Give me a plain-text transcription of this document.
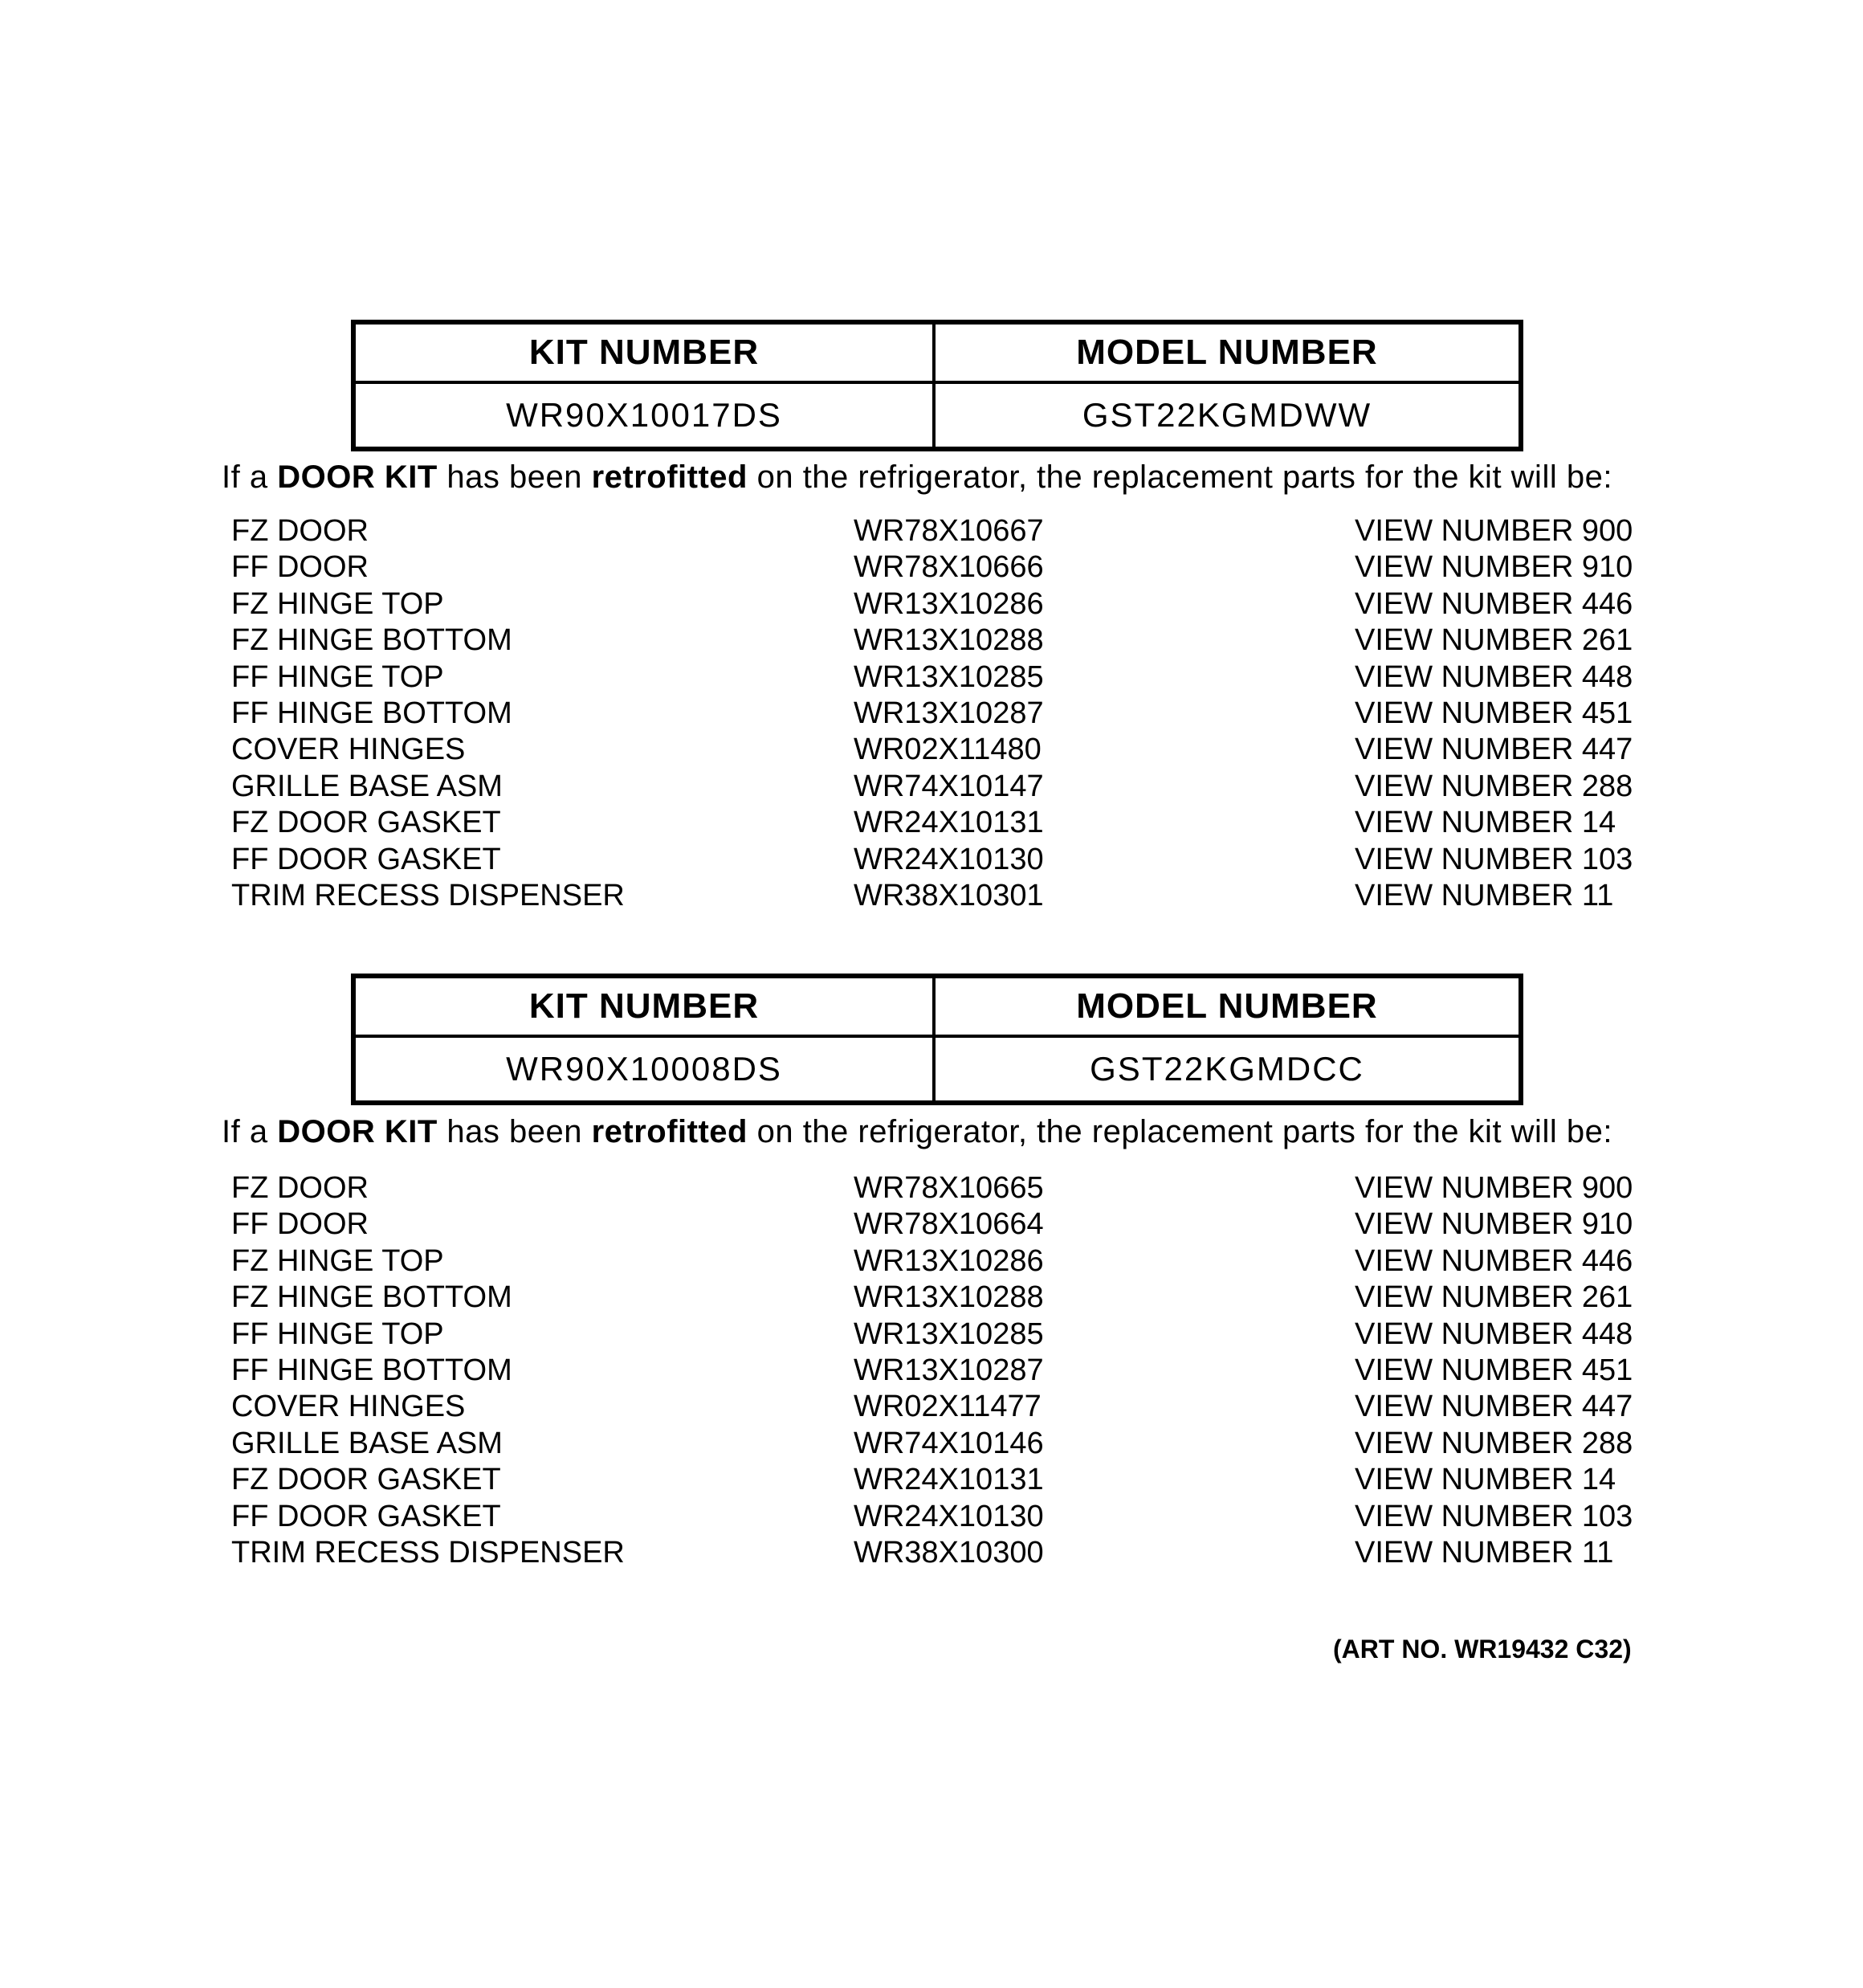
KIT NUMBER	MODEL NUMBER
WR90X10017DS	GST22KGMDWW

If a DOOR KIT has been retrofitted on the refrigerator, the replacement parts for the kit will be:

FZ DOOR	WR78X10667	VIEW NUMBER 900
FF DOOR	WR78X10666	VIEW NUMBER 910
FZ HINGE TOP	WR13X10286	VIEW NUMBER 446
FZ HINGE BOTTOM	WR13X10288	VIEW NUMBER 261
FF HINGE TOP	WR13X10285	VIEW NUMBER 448
FF HINGE BOTTOM	WR13X10287	VIEW NUMBER 451
COVER HINGES	WR02X11480	VIEW NUMBER 447
GRILLE BASE ASM	WR74X10147	VIEW NUMBER 288
FZ DOOR GASKET	WR24X10131	VIEW NUMBER 14
FF DOOR GASKET	WR24X10130	VIEW NUMBER 103
TRIM RECESS DISPENSER	WR38X10301	VIEW NUMBER 11
KIT NUMBER	MODEL NUMBER
WR90X10008DS	GST22KGMDCC

If a DOOR KIT has been retrofitted on the refrigerator, the replacement parts for the kit will be:

FZ DOOR	WR78X10665	VIEW NUMBER 900
FF DOOR	WR78X10664	VIEW NUMBER 910
FZ HINGE TOP	WR13X10286	VIEW NUMBER 446
FZ HINGE BOTTOM	WR13X10288	VIEW NUMBER 261
FF HINGE TOP	WR13X10285	VIEW NUMBER 448
FF HINGE BOTTOM	WR13X10287	VIEW NUMBER 451
COVER HINGES	WR02X11477	VIEW NUMBER 447
GRILLE BASE ASM	WR74X10146	VIEW NUMBER 288
FZ DOOR GASKET	WR24X10131	VIEW NUMBER 14
FF DOOR GASKET	WR24X10130	VIEW NUMBER 103
TRIM RECESS DISPENSER	WR38X10300	VIEW NUMBER 11
(ART NO. WR19432 C32)
